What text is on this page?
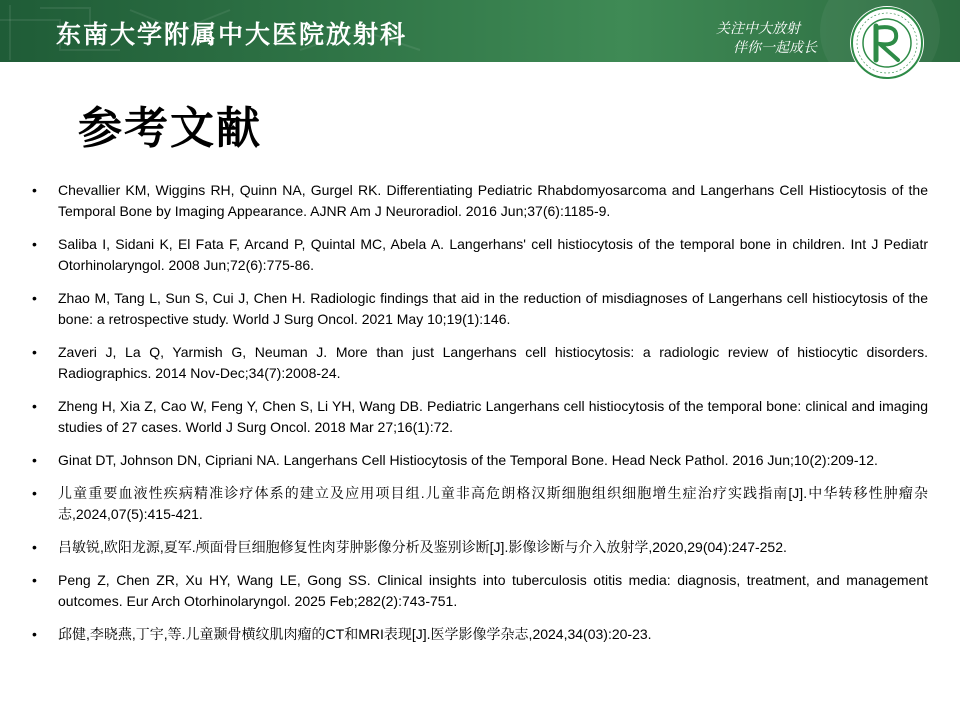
东南大学附属中大医院放射科	关注中大放射
伴你一起成长
参考文献
• Chevallier KM, Wiggins RH, Quinn NA, Gurgel RK. Differentiating Pediatric Rhabdomyosarcoma and Langerhans Cell Histiocytosis of the Temporal Bone by Imaging Appearance. AJNR Am J Neuroradiol. 2016 Jun;37(6):1185-9.
• Saliba I, Sidani K, El Fata F, Arcand P, Quintal MC, Abela A. Langerhans' cell histiocytosis of the temporal bone in children. Int J Pediatr Otorhinolaryngol. 2008 Jun;72(6):775-86.
• Zhao M, Tang L, Sun S, Cui J, Chen H. Radiologic findings that aid in the reduction of misdiagnoses of Langerhans cell histiocytosis of the bone: a retrospective study. World J Surg Oncol. 2021 May 10;19(1):146.
• Zaveri J, La Q, Yarmish G, Neuman J. More than just Langerhans cell histiocytosis: a radiologic review of histiocytic disorders. Radiographics. 2014 Nov-Dec;34(7):2008-24.
• Zheng H, Xia Z, Cao W, Feng Y, Chen S, Li YH, Wang DB. Pediatric Langerhans cell histiocytosis of the temporal bone: clinical and imaging studies of 27 cases. World J Surg Oncol. 2018 Mar 27;16(1):72.
• Ginat DT, Johnson DN, Cipriani NA. Langerhans Cell Histiocytosis of the Temporal Bone. Head Neck Pathol. 2016 Jun;10(2):209-12.
• 儿童重要血液性疾病精准诊疗体系的建立及应用项目组.儿童非高危朗格汉斯细胞组织细胞增生症治疗实践指南[J].中华转移性肿瘤杂志,2024,07(5):415-421.
• 吕敏锐,欧阳龙源,夏军.颅面骨巨细胞修复性肉芽肿影像分析及鉴别诊断[J].影像诊断与介入放射学,2020,29(04):247-252.
• Peng Z, Chen ZR, Xu HY, Wang LE, Gong SS. Clinical insights into tuberculosis otitis media: diagnosis, treatment, and management outcomes. Eur Arch Otorhinolaryngol. 2025 Feb;282(2):743-751.
• 邱健,李晓燕,丁宇,等.儿童颞骨横纹肌肉瘤的CT和MRI表现[J].医学影像学杂志,2024,34(03):20-23.
